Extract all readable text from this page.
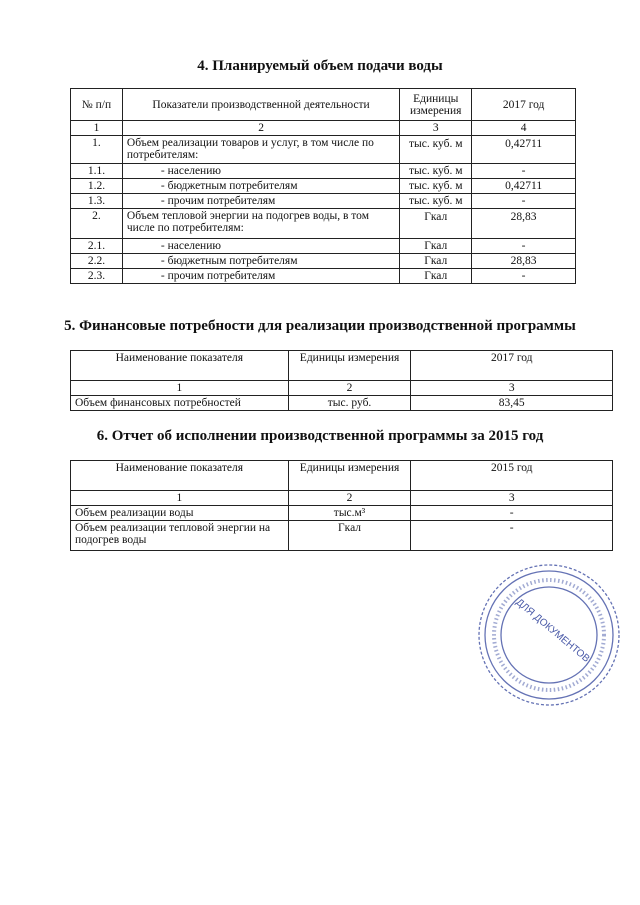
4. Планируемый объем подачи воды
№ п/п	Показатели производственной деятельности	Единицы измерения	2017 год
1	2	3	4
1.	Объем реализации товаров и услуг, в том числе по потребителям:	тыс. куб. м	0,42711
1.1.	- населению	тыс. куб. м	-
1.2.	- бюджетным потребителям	тыс. куб. м	0,42711
1.3.	- прочим потребителям	тыс. куб. м	-
2.	Объем тепловой энергии на подогрев воды, в том числе по потребителям:	Гкал	28,83
2.1.	- населению	Гкал	-
2.2.	- бюджетным потребителям	Гкал	28,83
2.3.	- прочим потребителям	Гкал	-
5. Финансовые потребности для реализации производственной программы
Наименование показателя	Единицы измерения	2017 год
1	2	3
Объем финансовых потребностей	тыс. руб.	83,45
6. Отчет об исполнении производственной программы за 2015 год
Наименование показателя	Единицы измерения	2015 год
1	2	3
Объем реализации воды	тыс.м³	-
Объем реализации тепловой энергии на подогрев воды	Гкал	-
ДЛЯ ДОКУМЕНТОВ
